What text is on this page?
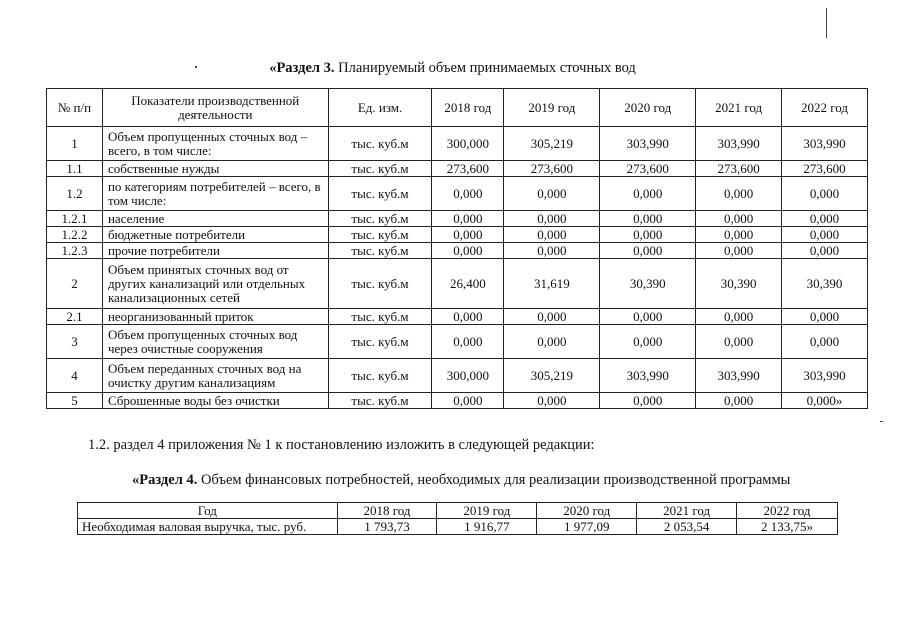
«Раздел 3. Планируемый объем принимаемых сточных вод
№ п/п	Показатели производственной деятельности	Ед. изм.	2018 год	2019 год	2020 год	2021 год	2022 год
1	Объем пропущенных сточных вод – всего, в том числе:	тыс. куб.м	300,000	305,219	303,990	303,990	303,990
1.1	собственные нужды	тыс. куб.м	273,600	273,600	273,600	273,600	273,600
1.2	по категориям потребителей – всего, в том числе:	тыс. куб.м	0,000	0,000	0,000	0,000	0,000
1.2.1	население	тыс. куб.м	0,000	0,000	0,000	0,000	0,000
1.2.2	бюджетные потребители	тыс. куб.м	0,000	0,000	0,000	0,000	0,000
1.2.3	прочие потребители	тыс. куб.м	0,000	0,000	0,000	0,000	0,000
2	Объем принятых сточных вод от других канализаций или отдельных канализационных сетей	тыс. куб.м	26,400	31,619	30,390	30,390	30,390
2.1	неорганизованный приток	тыс. куб.м	0,000	0,000	0,000	0,000	0,000
3	Объем пропущенных сточных вод через очистные сооружения	тыс. куб.м	0,000	0,000	0,000	0,000	0,000
4	Объем переданных сточных вод на очистку другим канализациям	тыс. куб.м	300,000	305,219	303,990	303,990	303,990
5	Сброшенные воды без очистки	тыс. куб.м	0,000	0,000	0,000	0,000	0,000»
1.2. раздел 4 приложения № 1 к постановлению изложить в следующей редакции:
«Раздел 4. Объем финансовых потребностей, необходимых для реализации производственной программы
Год	2018 год	2019 год	2020 год	2021 год	2022 год
Необходимая валовая выручка, тыс. руб.	1 793,73	1 916,77	1 977,09	2 053,54	2 133,75»
